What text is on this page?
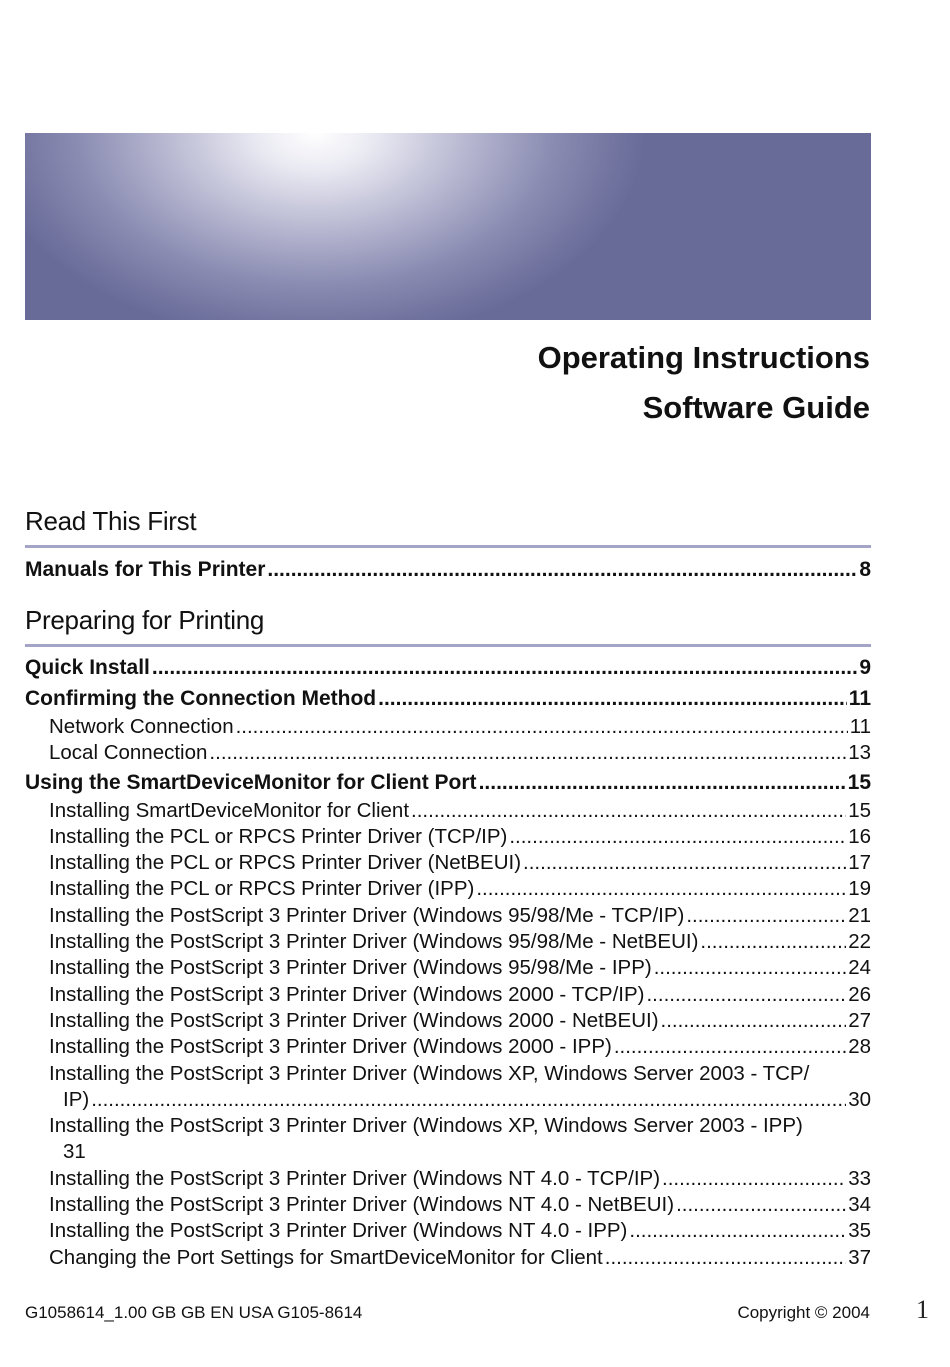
Operating Instructions
Software Guide
Read This First
Manuals for This Printer .....	8
Preparing for Printing
Quick Install .....	9
Confirming the Connection Method .....	11
Network Connection .....	11
Local Connection .....	13
Using the SmartDeviceMonitor for Client Port .....	15
Installing SmartDeviceMonitor for Client .....	15
Installing the PCL or RPCS Printer Driver (TCP/IP) .....	16
Installing the PCL or RPCS Printer Driver (NetBEUI) .....	17
Installing the PCL or RPCS Printer Driver (IPP) .....	19
Installing the PostScript 3 Printer Driver (Windows 95/98/Me - TCP/IP) .....	21
Installing the PostScript 3 Printer Driver (Windows 95/98/Me - NetBEUI) .....	22
Installing the PostScript 3 Printer Driver (Windows 95/98/Me - IPP) .....	24
Installing the PostScript 3 Printer Driver (Windows 2000 - TCP/IP) .....	26
Installing the PostScript 3 Printer Driver (Windows 2000 - NetBEUI) .....	27
Installing the PostScript 3 Printer Driver (Windows 2000 - IPP) .....	28
Installing the PostScript 3 Printer Driver (Windows XP, Windows Server 2003 - TCP/
IP) .....	30
Installing the PostScript 3 Printer Driver (Windows XP, Windows Server 2003 - IPP)
31
Installing the PostScript 3 Printer Driver (Windows NT 4.0 - TCP/IP) .....	33
Installing the PostScript 3 Printer Driver (Windows NT 4.0 - NetBEUI) .....	34
Installing the PostScript 3 Printer Driver (Windows NT 4.0 - IPP) .....	35
Changing the Port Settings for SmartDeviceMonitor for Client .....	37
G1058614_1.00 GB GB EN USA G105-8614	Copyright © 2004 1
